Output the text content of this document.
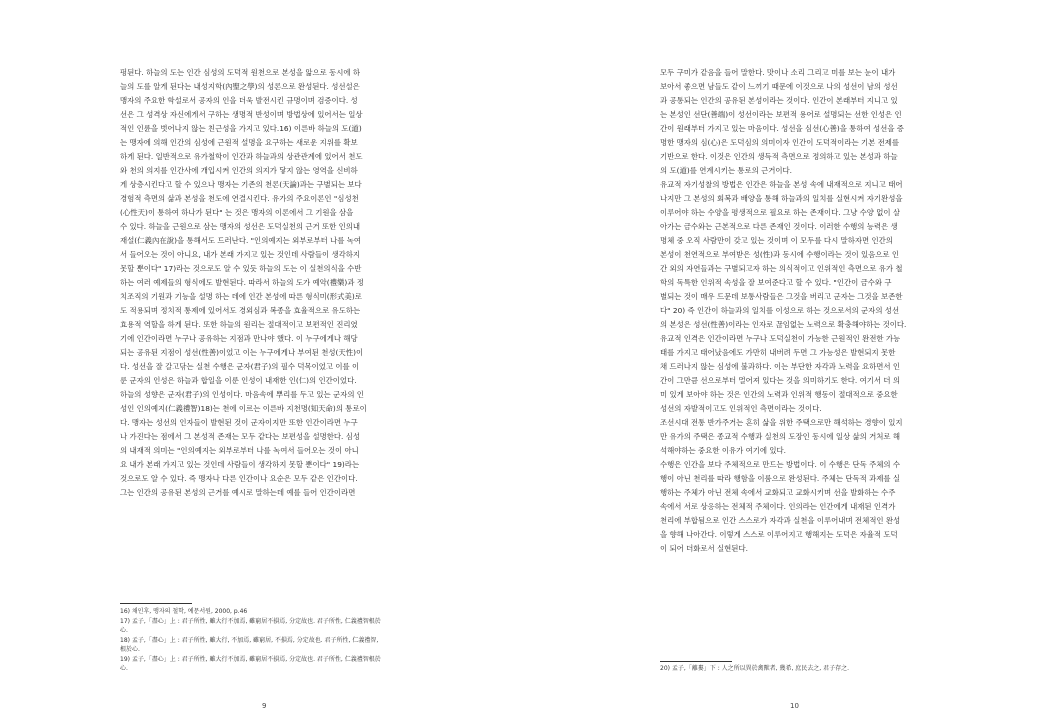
펑된다. 하늘의 도는 인간 심성의 도덕적 원천으로 본성을 앎으로 동시에 하
늘의 도를 알게 된다는 내성지학(內聖之學)의 성론으로 완성된다. 성선설은
맹자의 주요한 학설로서 공자의 인을 더욱 발전시킨 규명이며 검증이다. 성
선은 그 성격상 자신에게서 구하는 생명적 반성이며 방법상에 있어서는 일상
적인 인륜을 벗어나지 않는 친근성을 가지고 있다.16) 이른바 하늘의 도(道)
는 맹자에 의해 인간의 심성에 근원적 설명을 요구하는 새로운 지위를 확보
하게 된다. 일반적으로 유가철학이 인간과 하늘과의 상관관계에 있어서 천도
와 천의 의지를 인간사에 개입시켜 인간의 의지가 닿지 않는 영역을 신비하
게 상층시킨다고 할 수 있으나 맹자는 기존의 천론(天論)과는 구별되는 보다
경험적 측면의 삶과 본성을 천도에 연결시킨다. 유가의 주요이론인 "심성천
(心性天)이 통하여 하나가 된다" 는 것은 맹자의 이론에서 그 기원을 삼을
수 있다. 하늘을 근원으로 삼는 맹자의 성선은 도덕실천의 근거 또한 인의내
재설(仁義內在說)을 통해서도 드러난다. "인의예지는 외부로부터 나를 녹여
서 들어오는 것이 아니요, 내가 본래 가지고 있는 것인데 사람들이 생각하지
못할 뿐이다" 17)라는 것으로도 알 수 있듯 하늘의 도는 이 실천의식을 수반
하는 여러 예제들의 형식에도 발현된다. 따라서 하늘의 도가 예악(禮樂)과 정
치조직의 기원과 기능을 설명 하는 데에 인간 본성에 따른 형식미(形式美)로
도 적용되며 정치적 통제에 있어서도 경외심과 복종을 효율적으로 유도하는
효용적 역할을 하게 된다. 또한 하늘의 원리는 절대적이고 보편적인 진리였
기에 인간이라면 누구나 공유하는 지점과 만나야 했다. 이 누구에게나 해당
되는 공유된 지점이 성선(性善)이었고 이는 누구에게나 부여된 천성(天性)이
다. 성선을 잘 갈고닦는 실천 수행은 군자(君子)의 필수 덕목이었고 이를 이
룬 군자의 인성은 하늘과 합일을 이룬 인성이 내재한 인(仁)의 인간이었다.
하늘의 성향은 군자(君子)의 인성이다. 마음속에 뿌리를 두고 있는 군자의 인
성인 인의예지(仁義禮智)18)는 천에 이르는 이른바 지천명(知天命)의 통로이
다. 맹자는 성선의 인자들이 발현된 것이 군자이지만 또한 인간이라면 누구
나 가진다는 점에서 그 본성적 존재는 모두 같다는 보편성을 설명한다. 심성
의 내재적 의미는 "인의예지는 외부로부터 나를 녹여서 들어오는 것이 아니
요 내가 본래 가지고 있는 것인데 사람들이 생각하지 못할 뿐이다" 19)라는
것으로도 알 수 있다. 즉 맹자나 다른 인간이나 요순은 모두 같은 인간이다.
그는 인간의 공유된 본성의 근거를 예시로 말하는데 예를 들어 인간이라면
16) 채인후, 맹자의 철학, 예문서원, 2000, p.46
17) 孟子,「盡心」上 : 君子所性, 雖大行不加焉, 雖窮居不損焉, 分定故也. 君子所性, 仁義禮智根於
心.
18) 孟子,「盡心」上 : 君子所性, 雖大行, 不加焉, 雖窮居, 不損焉, 分定故也. 君子所性, 仁義禮智,
根於心.
19) 孟子,「盡心」上 : 君子所性, 雖大行不加焉, 雖窮居不損焉, 分定故也. 君子所性, 仁義禮智根於
心.
9
모두 구미가 같음을 들어 말한다. 맛이나 소리 그리고 미를 보는 눈이 내가
보아서 좋으면 남들도 같이 느끼기 때문에 이것으로 나의 성선이 남의 성선
과 공통되는 인간의 공유된 본성이라는 것이다. 인간이 본래부터 지니고 있
는 본성인 선단(善端)이 성선이라는 보편적 용어로 설명되는 선한 인성은 인
간이 원래부터 가지고 있는 마음이다. 성선을 심선(心善)을 통하여 성선을 증
명한 맹자의 심(心)은 도덕심의 의미이자 인간이 도덕적이라는 기본 전제를
기반으로 한다. 이것은 인간의 생득적 측면으로 정의하고 있는 본성과 하늘
의 도(道)를 연계시키는 통로의 근거이다.
유교적 자기성찰의 방법은 인간은 하늘을 본성 속에 내재적으로 지니고 태어
나지만 그 본성의 회복과 배양을 통해 하늘과의 일치를 실현시켜 자기완성을
이루어야 하는 수양을 평생적으로 필요로 하는 존재이다. 그냥 수양 없이 살
아가는 금수와는 근본적으로 다른 존재인 것이다. 이러한 수행의 능력은 생
명체 중 오직 사람만이 갖고 있는 것이며 이 모두를 다시 말하자면 인간의
본성이 천연적으로 부여받은 성(性)과 동시에 수행이라는 것이 있음으로 인
간 외의 자연들과는 구별되고자 하는 의식적이고 인위적인 측면으로 유가 철
학의 독특한 인위적 속성을 잘 보여준다고 할 수 있다. "인간이 금수와 구
별되는 것이 매우 드문데 보통사람들은 그것을 버리고 군자는 그것을 보존한
다" 20) 즉 인간이 하늘과의 일치를 이성으로 하는 것으로서의 군자의 성선
의 본성은 성선(性善)이라는 인자로 끊임없는 노력으로 확충해야하는 것이다.
유교적 인격은 인간이라면 누구나 도덕실천이 가능한 근원적인 완전한 가능
태를 가지고 태어났음에도 가만히 내버려 두면 그 가능성은 발현되지 못한
채 드러나지 않는 심성에 불과하다. 이는 부단한 자각과 노력을 요하면서 인
간이 그만큼 선으로부터 멀어져 있다는 것을 의미하기도 한다. 여기서 더 의
미 있게 보아야 하는 것은 인간의 노력과 인위적 행동이 절대적으로 중요한
성선의 자발적이고도 인위적인 측면이라는 것이다.
조선시대 전통 반가주거는 흔히 삶을 위한 주택으로만 해석하는 경향이 있지
만 유가의 주택은 종교적 수행과 실천의 도장인 동시에 일상 삶의 거처로 해
석해야하는 중요한 이유가 여기에 있다.
수행은 인간을 보다 주체적으로 만드는 방법이다. 이 수행은 단독 주체의 수
행이 아닌 천리를 따라 행함을 이룸으로 완성된다. 주체는 단독적 과제를 실
행하는 주체가 아닌 전체 속에서 교화되고 교화시키며 선을 발화하는 수주
속에서 서로 상응하는 전체적 주체이다. 인의라는 인간에게 내재된 인격가
천리에 부합됨으로 인간 스스로가 자각과 실천을 이루어내며 전체적인 완성
을 향해 나아간다. 이렇게 스스로 이루어지고 행해지는 도덕은 자율적 도덕
이 되어 더화로서 실현된다.
20) 孟子,「離婁」下 : 人之所以異於禽獸者, 幾希, 庶民去之, 君子存之.
10
